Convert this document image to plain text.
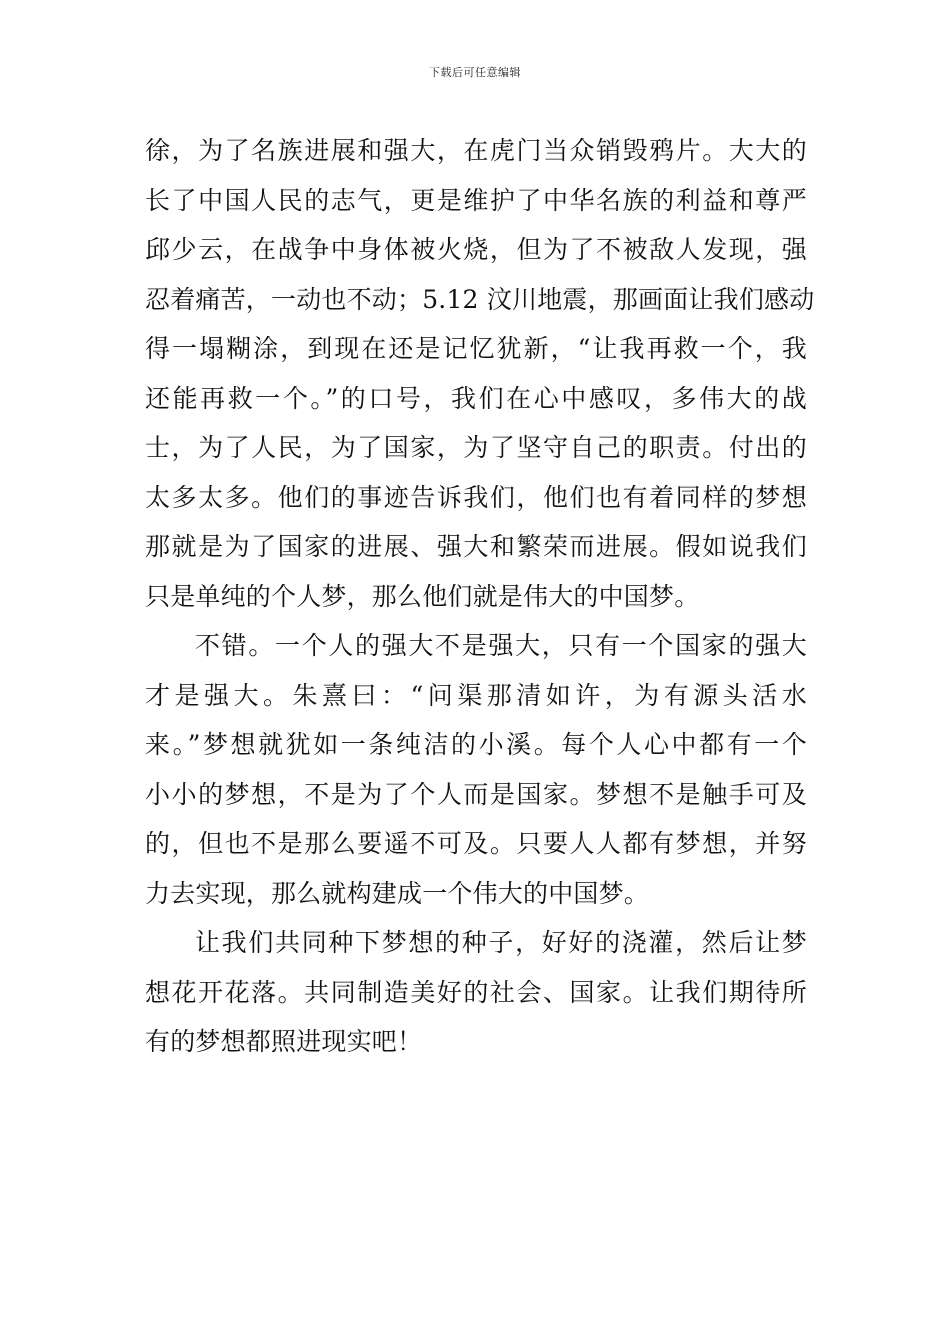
下载后可任意编辑
徐，为了名族进展和强大，在虎门当众销毁鸦片。大大的
长了中国人民的志气，更是维护了中华名族的利益和尊严
邱少云，在战争中身体被火烧，但为了不被敌人发现，强
忍着痛苦，一动也不动；5.12 汶川地震，那画面让我们感动
得一塌糊涂，到现在还是记忆犹新，“让我再救一个，我
还能再救一个。”的口号，我们在心中感叹，多伟大的战
士，为了人民，为了国家，为了坚守自己的职责。付出的
太多太多。他们的事迹告诉我们，他们也有着同样的梦想
那就是为了国家的进展、强大和繁荣而进展。假如说我们
只是单纯的个人梦，那么他们就是伟大的中国梦。
不错。一个人的强大不是强大，只有一个国家的强大
才是强大。朱熹曰：“问渠那清如许，为有源头活水
来。”梦想就犹如一条纯洁的小溪。每个人心中都有一个
小小的梦想，不是为了个人而是国家。梦想不是触手可及
的，但也不是那么要遥不可及。只要人人都有梦想，并努
力去实现，那么就构建成一个伟大的中国梦。
让我们共同种下梦想的种子，好好的浇灌，然后让梦
想花开花落。共同制造美好的社会、国家。让我们期待所
有的梦想都照进现实吧！
